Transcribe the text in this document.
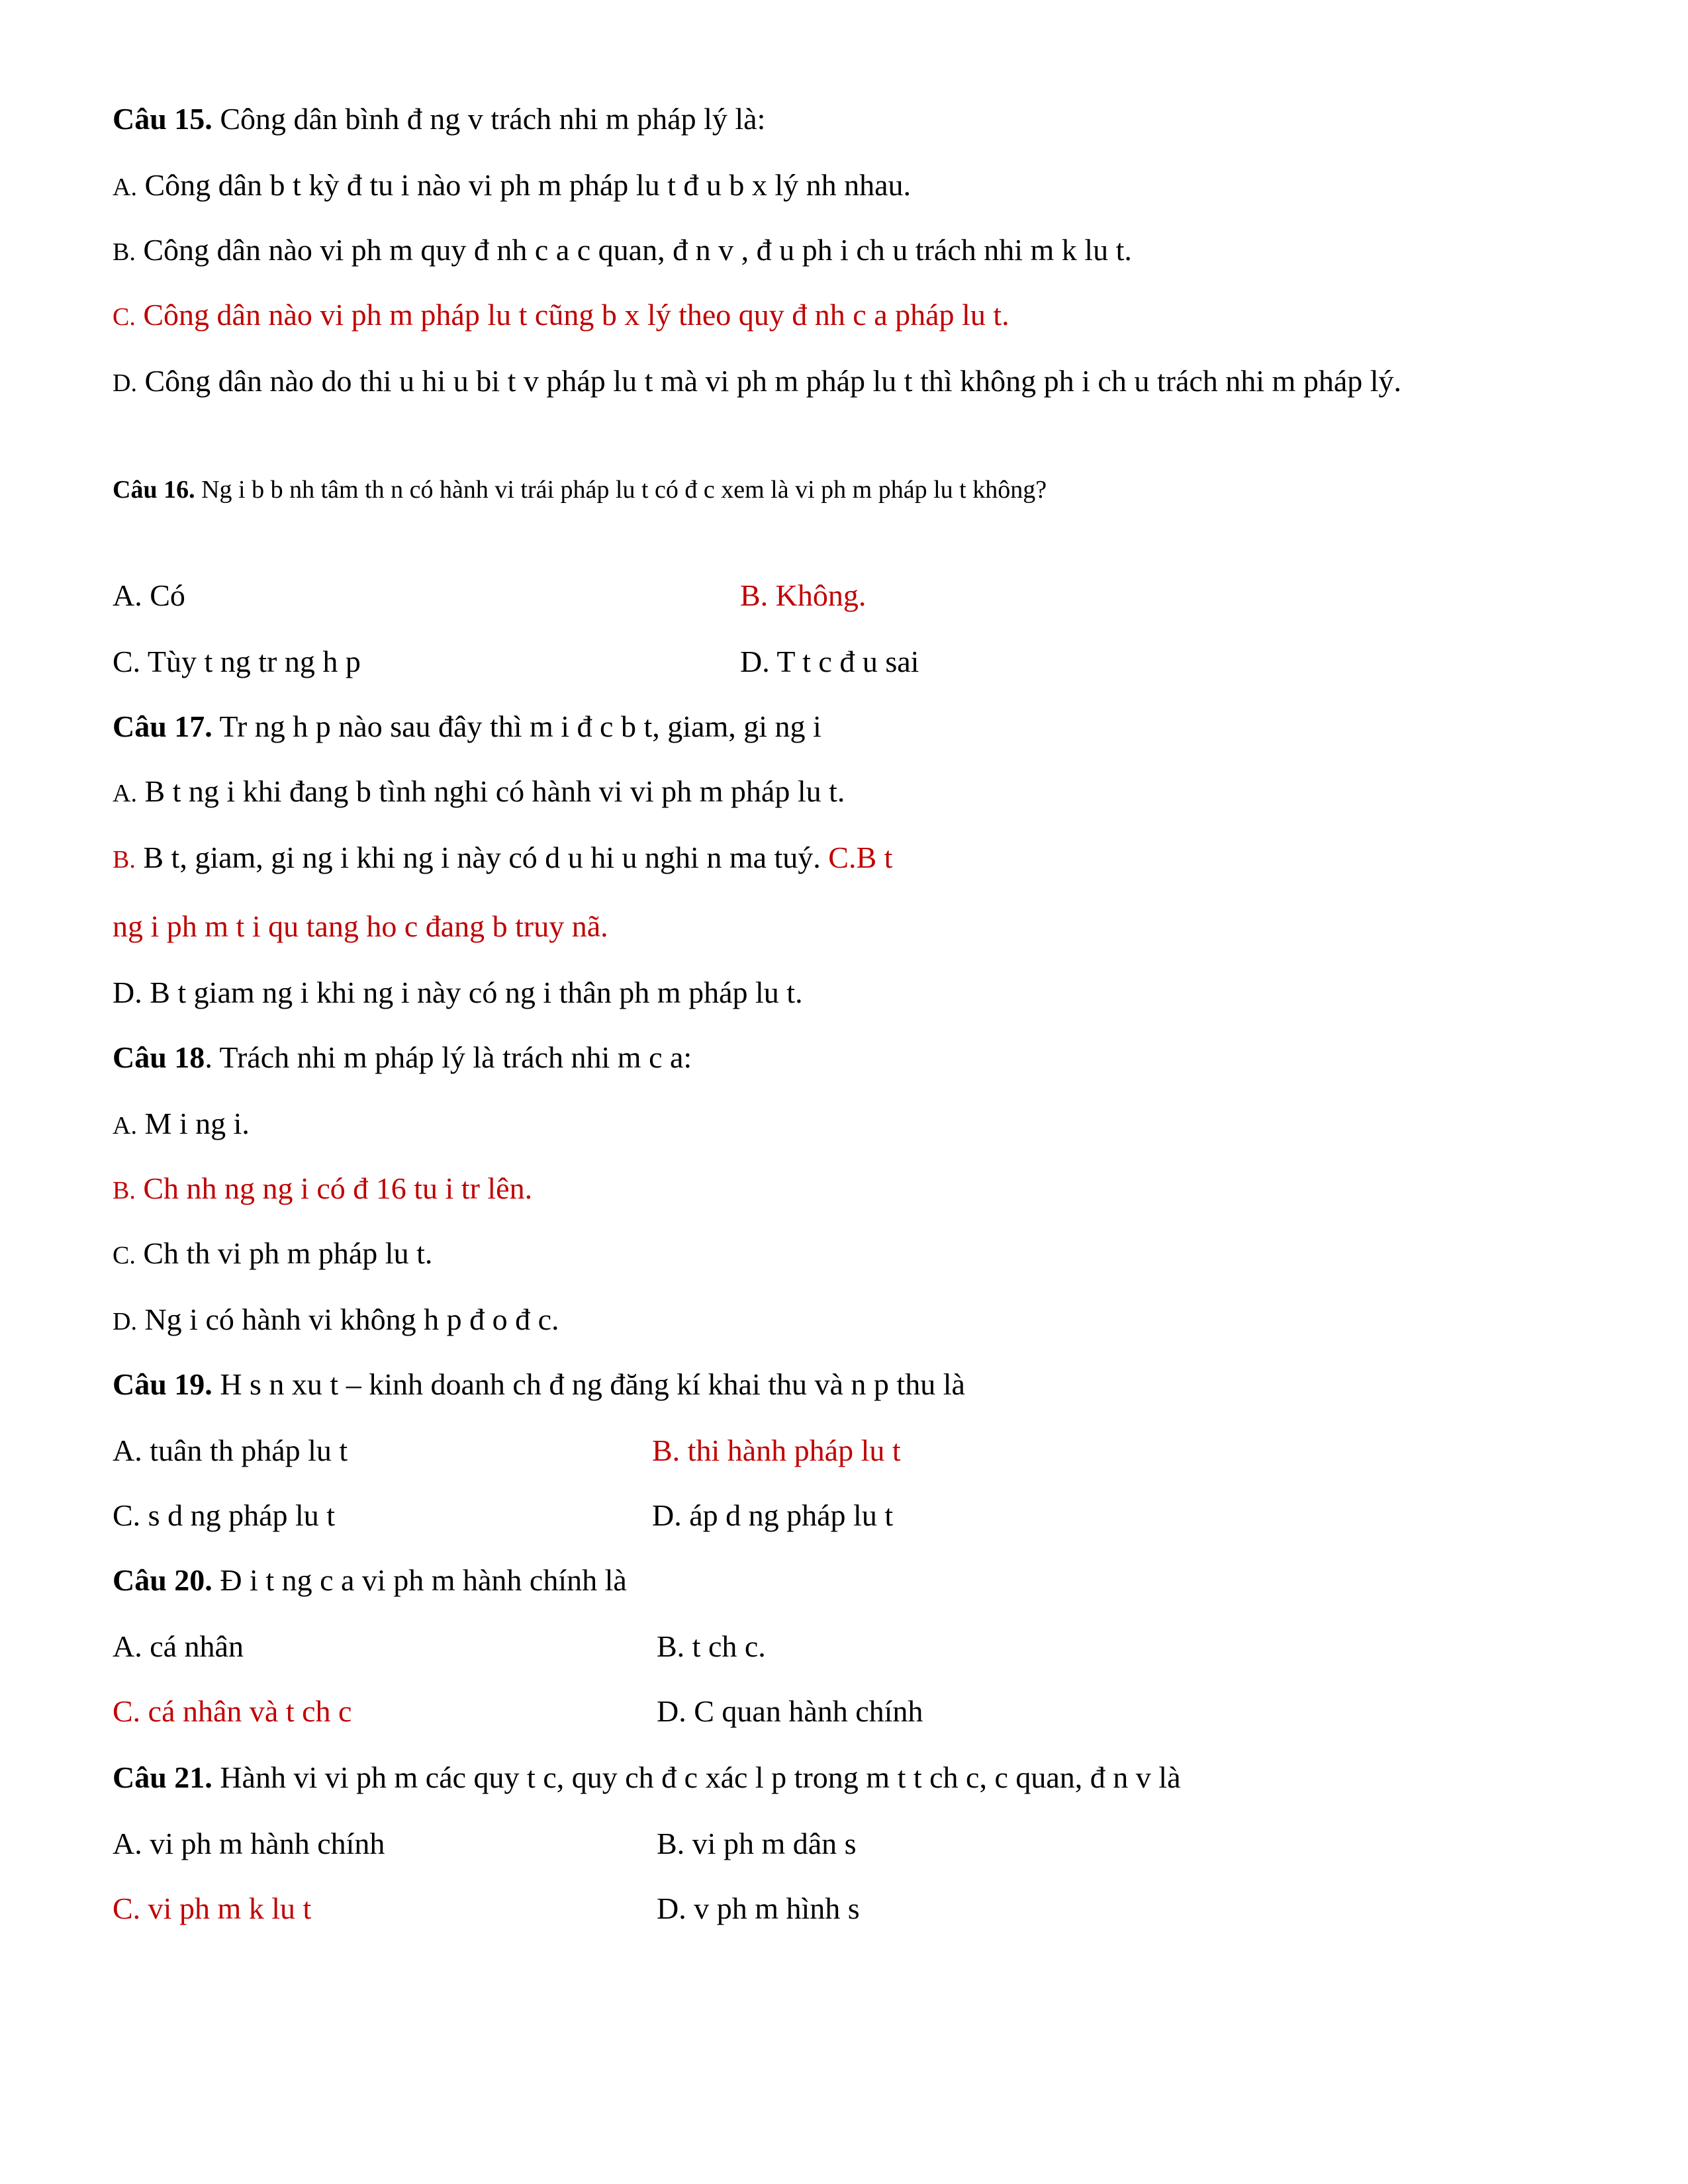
Câu 15. Công dân bình đ ng v trách nhi m pháp lý là:
A. Công dân b t kỳ đ tu i nào vi ph m pháp lu t đ u b x lý nh nhau.
B. Công dân nào vi ph m quy đ nh c a c quan, đ n v , đ u ph i ch u trách nhi m k lu t.
C. Công dân nào vi ph m pháp lu t cũng b x lý theo quy đ nh c a pháp lu t.
D. Công dân nào do thi u hi u bi t v pháp lu t mà vi ph m pháp lu t thì không ph i ch u trách nhi m pháp lý.
Câu 16. Ng i b b nh tâm th n có hành vi trái pháp lu t có đ c xem là vi ph m pháp lu t không?
A. Có	B. Không.
C. Tùy t ng tr ng h p	D. T t c đ u sai
Câu 17. Tr ng h p nào sau đây thì m i đ c b t, giam, gi ng i
A. B t ng i khi đang b tình nghi có hành vi vi ph m pháp lu t.
B. B t, giam, gi ng i khi ng i này có d u hi u nghi n ma tuý. C.B t
ng i ph m t i qu tang ho c đang b truy nã.
D. B t giam ng i khi ng i này có ng i thân ph m pháp lu t.
Câu 18. Trách nhi m pháp lý là trách nhi m c a:
A. M i ng i.
B. Ch nh ng ng i có đ 16 tu i tr lên.
C. Ch th vi ph m pháp lu t.
D. Ng i có hành vi không h p đ o đ c.
Câu 19. H s n xu t – kinh doanh ch đ ng đăng kí khai thu và n p thu là
A. tuân th pháp lu t	B. thi hành pháp lu t
C. s d ng pháp lu t	D. áp d ng pháp lu t
Câu 20. Đ i t ng c a vi ph m hành chính là
A. cá nhân	B. t ch c.
C. cá nhân và t ch c	D. C quan hành chính
Câu 21. Hành vi vi ph m các quy t c, quy ch đ c xác l p trong m t t ch c, c quan, đ n v là
A. vi ph m hành chính	B. vi ph m dân s
C. vi ph m k lu t	D. v ph m hình s
